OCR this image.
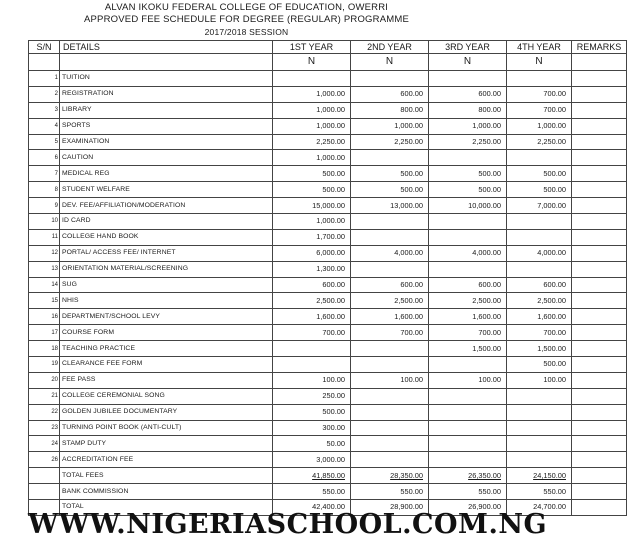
ALVAN IKOKU FEDERAL COLLEGE OF EDUCATION, OWERRI
APPROVED FEE SCHEDULE FOR DEGREE (REGULAR) PROGRAMME
2017/2018 SESSION
S/N	DETAILS	1ST YEAR	2ND YEAR	3RD YEAR	4TH YEAR	REMARKS
		N	N	N	N	
1	TUITION					
2	REGISTRATION	1,000.00	600.00	600.00	700.00	
3	LIBRARY	1,000.00	800.00	800.00	700.00	
4	SPORTS	1,000.00	1,000.00	1,000.00	1,000.00	
5	EXAMINATION	2,250.00	2,250.00	2,250.00	2,250.00	
6	CAUTION	1,000.00				
7	MEDICAL REG	500.00	500.00	500.00	500.00	
8	STUDENT WELFARE	500.00	500.00	500.00	500.00	
9	DEV. FEE/AFFILIATION/MODERATION	15,000.00	13,000.00	10,000.00	7,000.00	
10	ID CARD	1,000.00				
11	COLLEGE HAND BOOK	1,700.00				
12	PORTAL/ ACCESS FEE/ INTERNET	6,000.00	4,000.00	4,000.00	4,000.00	
13	ORIENTATION MATERIAL/SCREENING	1,300.00				
14	SUG	600.00	600.00	600.00	600.00	
15	NHIS	2,500.00	2,500.00	2,500.00	2,500.00	
16	DEPARTMENT/SCHOOL LEVY	1,600.00	1,600.00	1,600.00	1,600.00	
17	COURSE FORM	700.00	700.00	700.00	700.00	
18	TEACHING PRACTICE			1,500.00	1,500.00	
19	CLEARANCE FEE FORM				500.00	
20	FEE PASS	100.00	100.00	100.00	100.00	
21	COLLEGE CEREMONIAL SONG	250.00				
22	GOLDEN JUBILEE DOCUMENTARY	500.00				
23	TURNING POINT BOOK (ANTI-CULT)	300.00				
24	STAMP DUTY	50.00				
26	ACCREDITATION FEE	3,000.00				
	TOTAL FEES	41,850.00	28,350.00	26,350.00	24,150.00	
	BANK COMMISSION	550.00	550.00	550.00	550.00	
	TOTAL	42,400.00	28,900.00	26,900.00	24,700.00	
WWW.NIGERIASCHOOL.COM.NG
